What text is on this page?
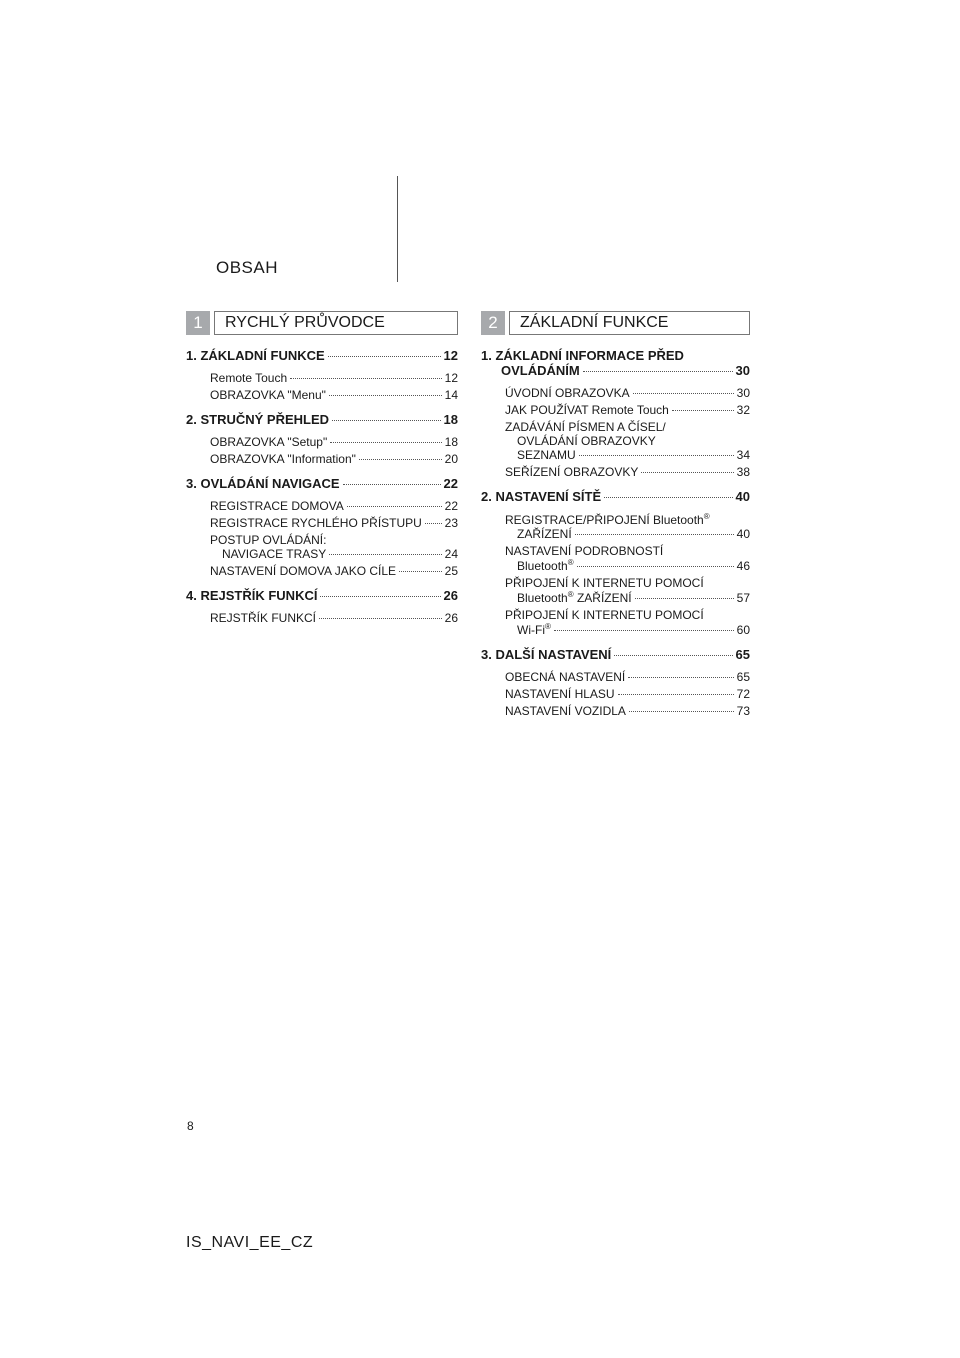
OBSAH
1	RYCHLÝ PRŮVODCE	2	ZÁKLADNÍ FUNKCE
1. ZÁKLADNÍ FUNKCE	12
Remote Touch	12
OBRAZOVKA "Menu"	14
2. STRUČNÝ PŘEHLED	18
OBRAZOVKA "Setup"	18
OBRAZOVKA "Information"	20
3. OVLÁDÁNÍ NAVIGACE	22
REGISTRACE DOMOVA	22
REGISTRACE RYCHLÉHO PŘÍSTUPU 23
POSTUP OVLÁDÁNÍ:
NAVIGACE TRASY	24
NASTAVENÍ DOMOVA JAKO CÍLE	25
4. REJSTŘÍK FUNKCÍ	26
REJSTŘÍK FUNKCÍ	26
1. ZÁKLADNÍ INFORMACE PŘED
OVLÁDÁNÍM	30
ÚVODNÍ OBRAZOVKA	30
JAK POUŽÍVAT Remote Touch	32
ZADÁVÁNÍ PÍSMEN A ČÍSEL/
OVLÁDÁNÍ OBRAZOVKY
SEZNAMU	34
SEŘÍZENÍ OBRAZOVKY	38
2. NASTAVENÍ SÍTĚ	40
REGISTRACE/PŘIPOJENÍ Bluetooth®
ZAŘÍZENÍ	40
NASTAVENÍ PODROBNOSTÍ
Bluetooth®	46
PŘIPOJENÍ K INTERNETU POMOCÍ
Bluetooth® ZAŘÍZENÍ	57
PŘIPOJENÍ K INTERNETU POMOCÍ
Wi-Fi®	60
3. DALŠÍ NASTAVENÍ	65
OBECNÁ NASTAVENÍ	65
NASTAVENÍ HLASU	72
NASTAVENÍ VOZIDLA	73
8
IS_NAVI_EE_CZ
